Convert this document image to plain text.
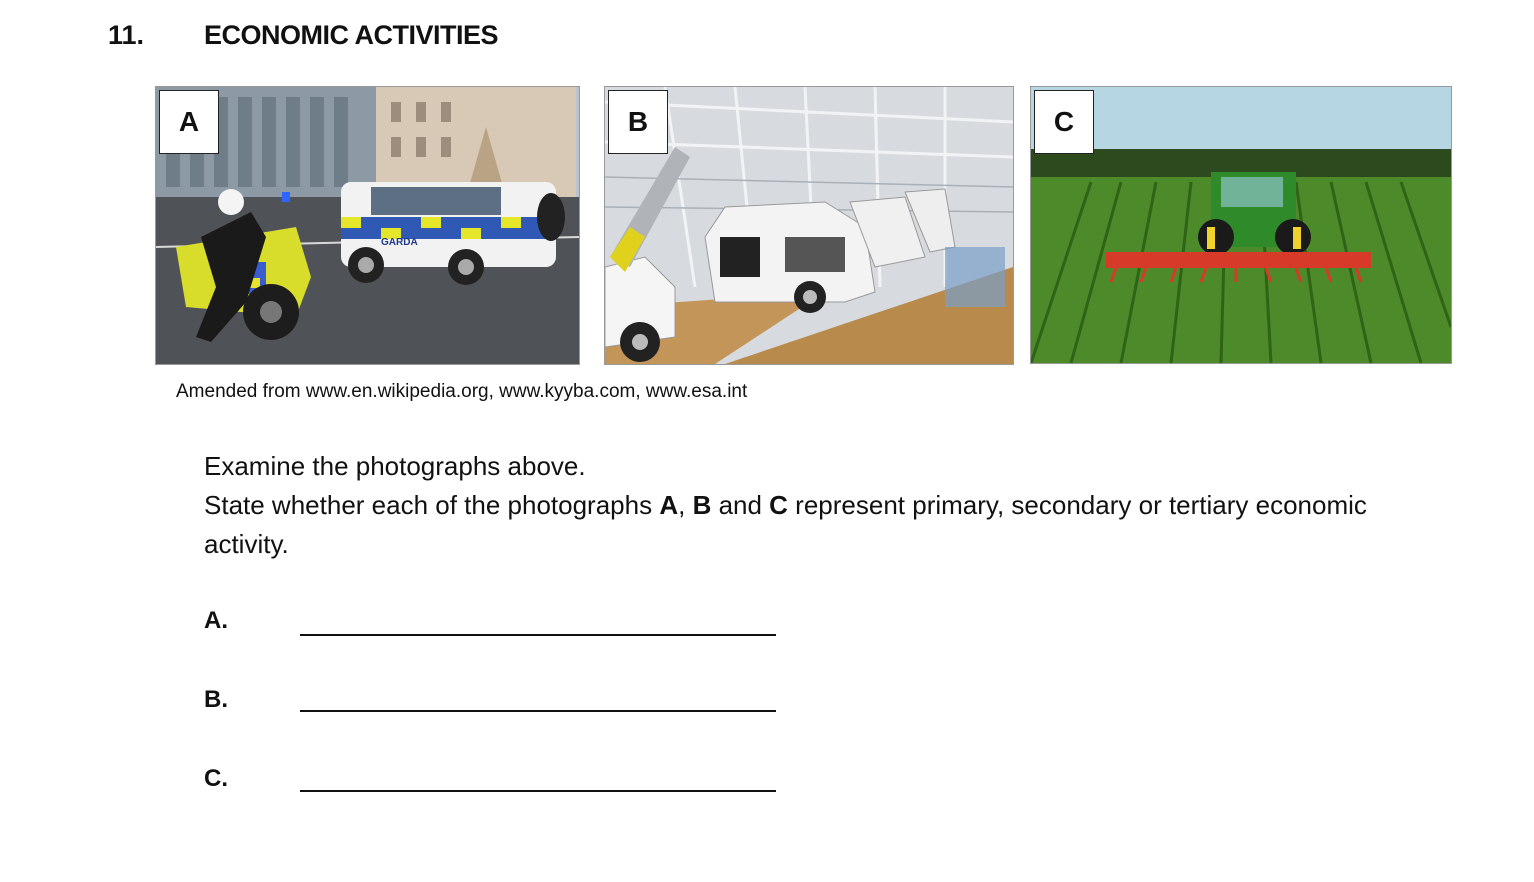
11. ECONOMIC ACTIVITIES
GARDA
A	B	C
Amended from www.en.wikipedia.org, www.kyyba.com, www.esa.int

Examine the photographs above.

State whether each of the photographs A, B and C represent primary, secondary or tertiary economic activity.

A.
B.
C.
